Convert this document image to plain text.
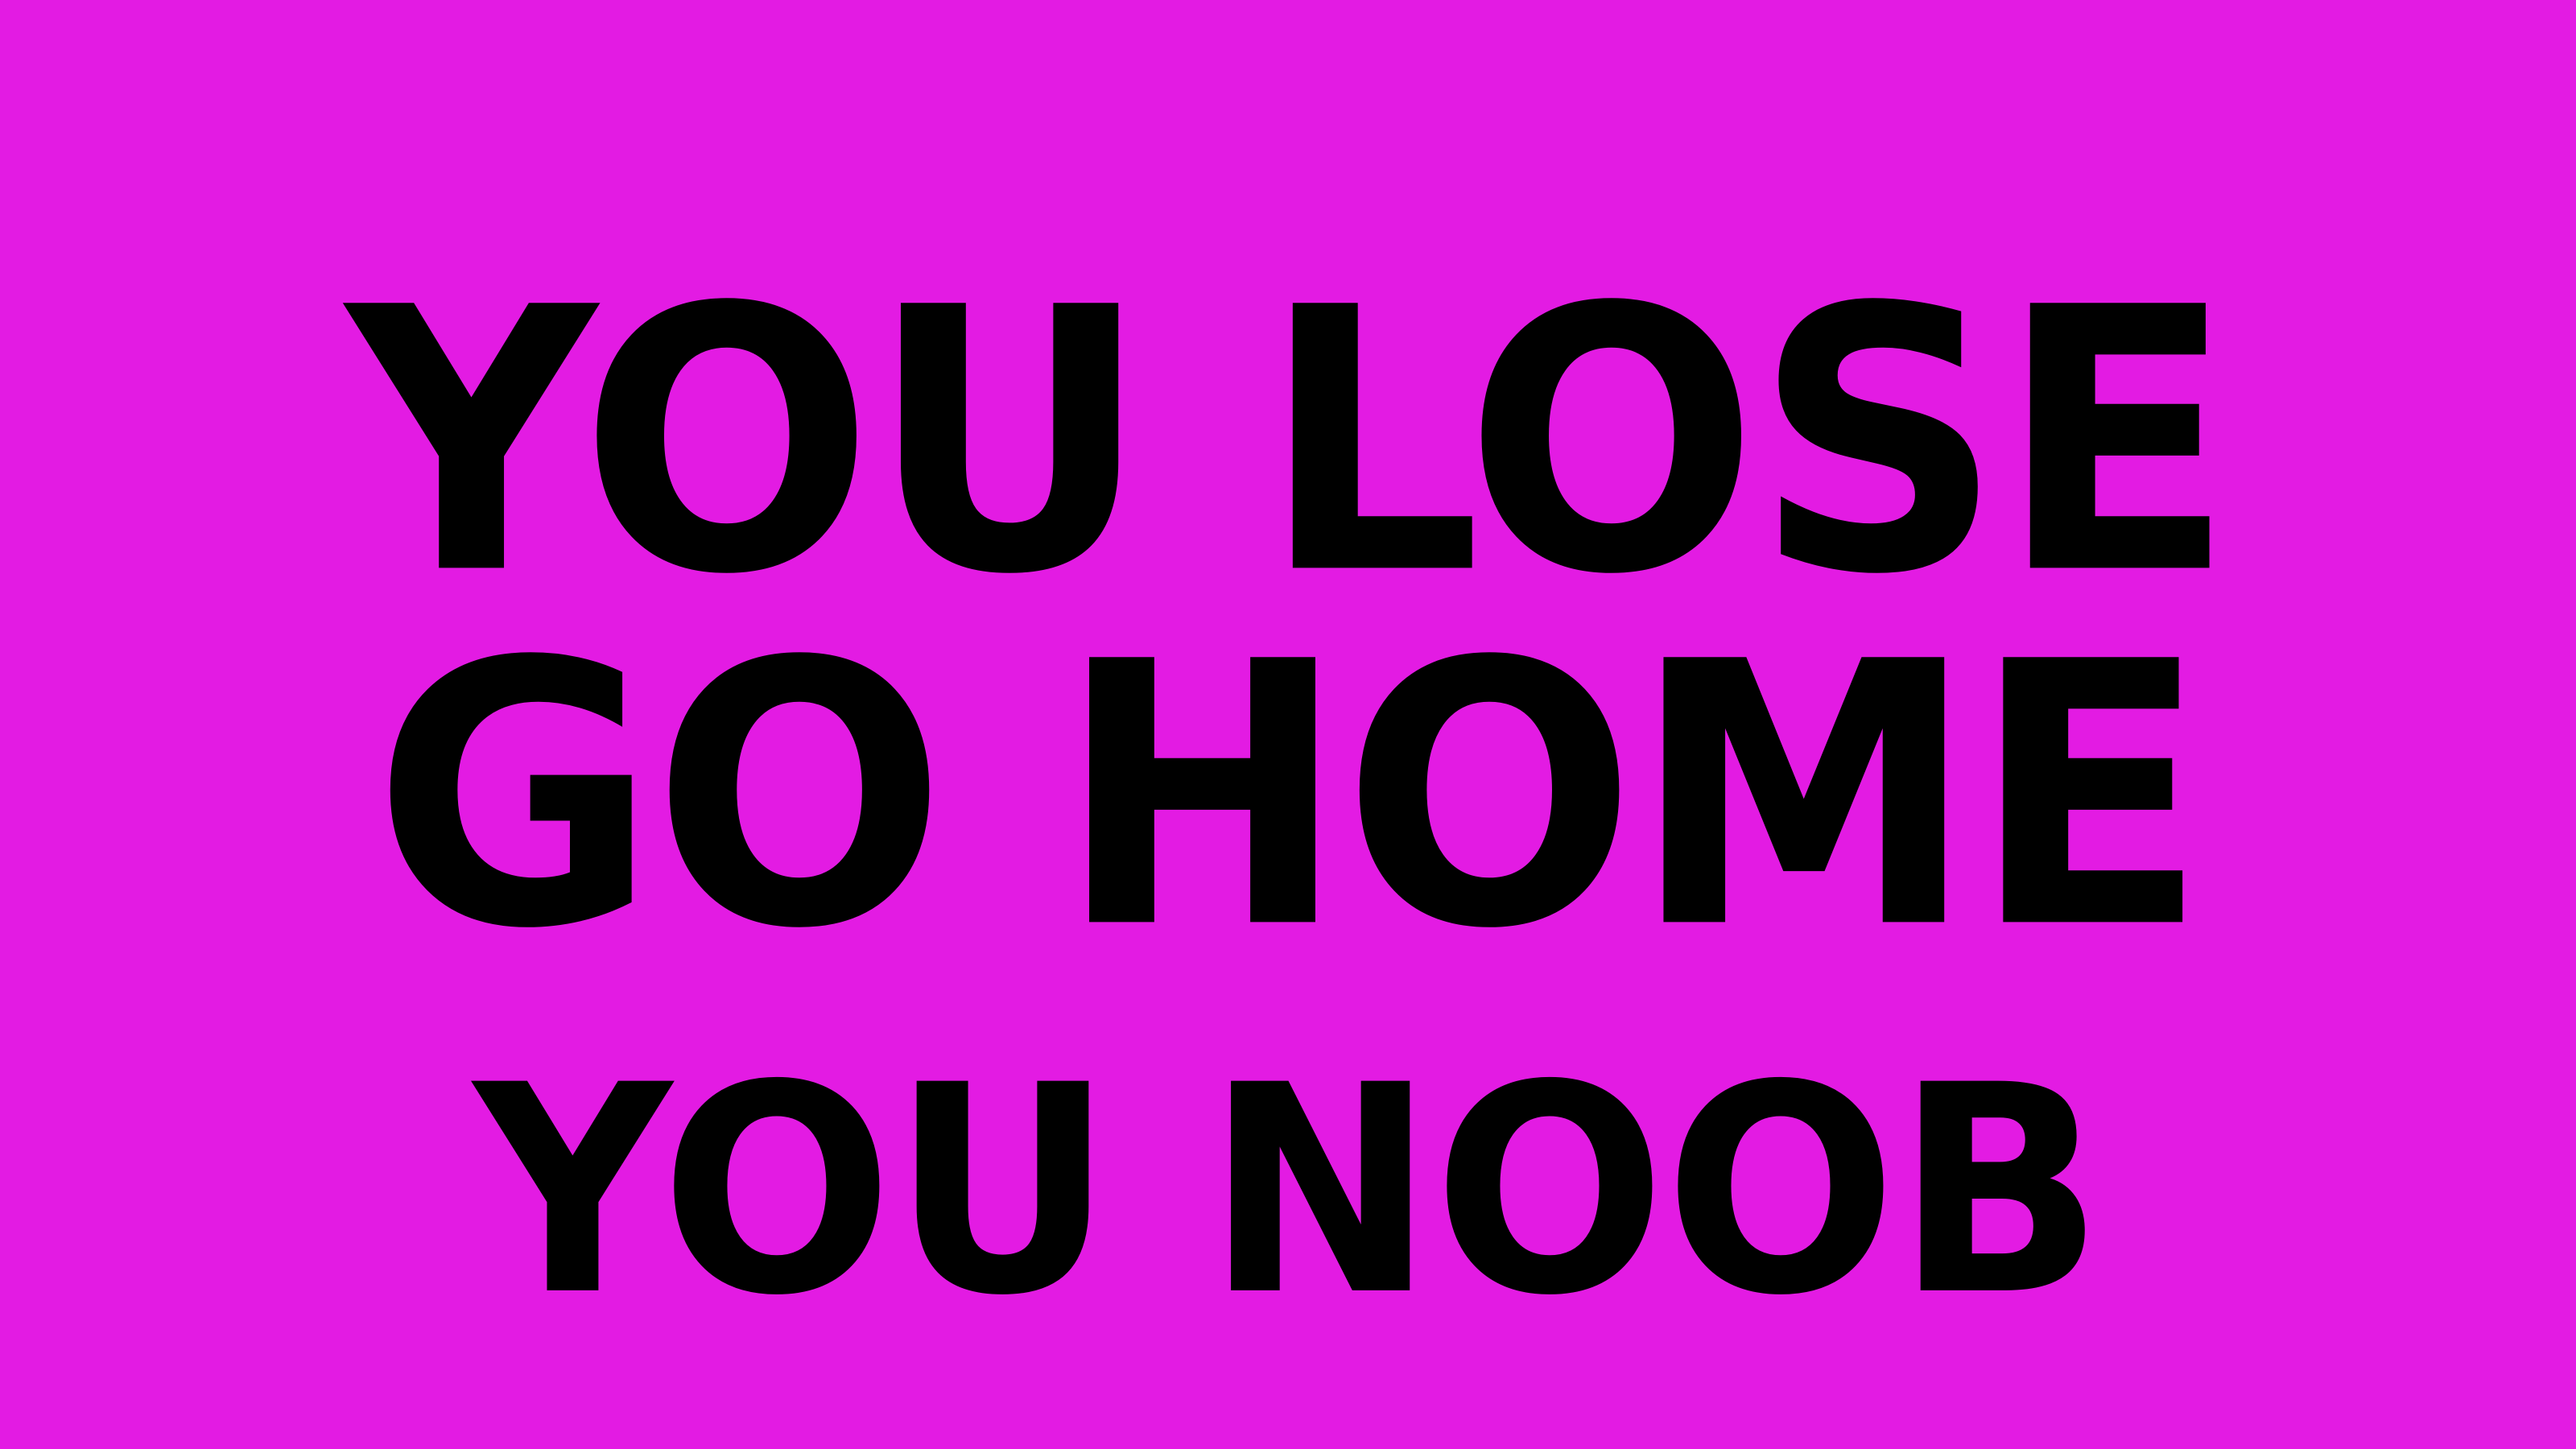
YOU LOSE
GO HOME
YOU NOOB
